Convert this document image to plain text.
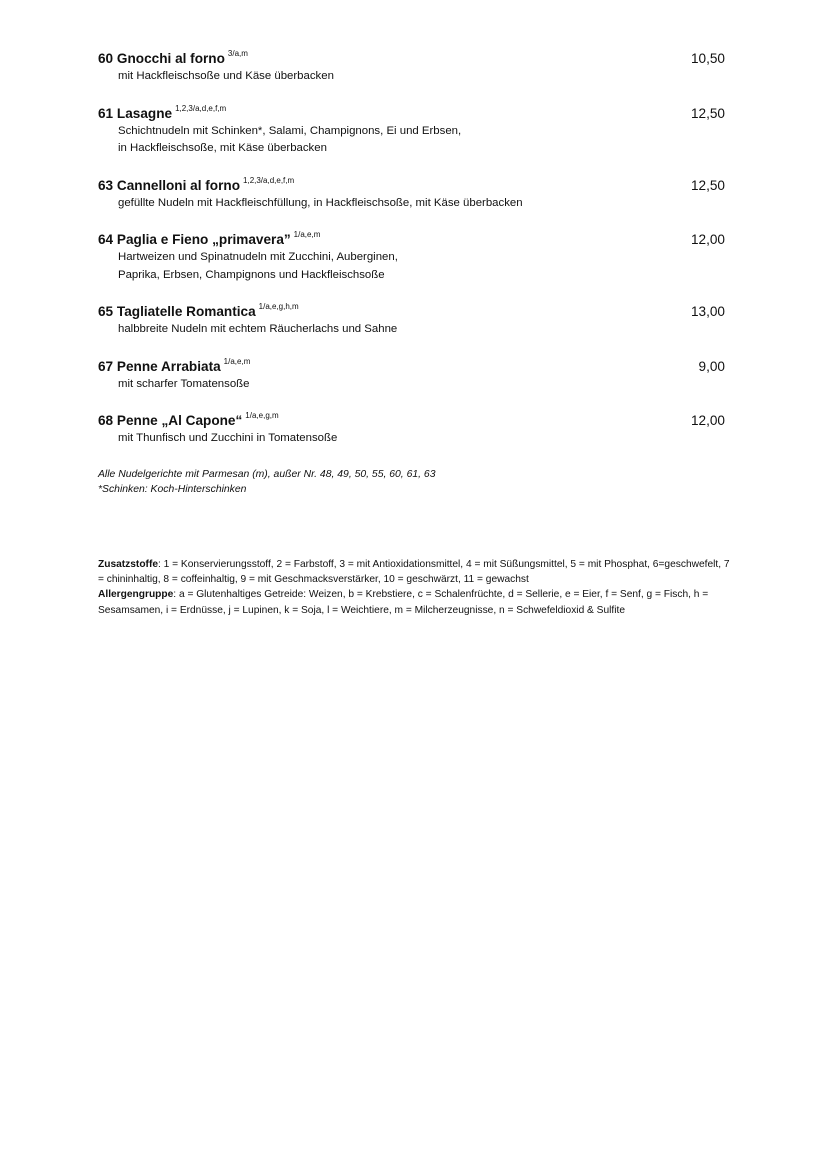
60 Gnocchi al forno $^{3/a,m}$	10,50
mit Hackfleischsoße und Käse überbacken
61 Lasagne $^{1,2,3/a,d,e,f,m}$	12,50
Schichtnudeln mit Schinken*, Salami, Champignons, Ei und Erbsen,
in Hackfleischsoße, mit Käse überbacken
63 Cannelloni al forno $^{1,2,3/a,d,e,f,m}$	12,50
gefüllte Nudeln mit Hackfleischfüllung, in Hackfleischsoße, mit Käse überbacken
64 Paglia e Fieno „primavera” $^{1/a,e,m}$	12,00
Hartweizen und Spinatnudeln mit Zucchini, Auberginen,
Paprika, Erbsen, Champignons und Hackfleischsoße
65 Tagliatelle Romantica $^{1/a,e,g,h,m}$	13,00
halbbreite Nudeln mit echtem Räucherlachs und Sahne
67 Penne Arrabiata $^{1/a,e,m}$	9,00
mit scharfer Tomatensoße
68 Penne „Al Capone“ $^{1/a,e,g,m}$	12,00
mit Thunfisch und Zucchini in Tomatensoße
Alle Nudelgerichte mit Parmesan (m), außer Nr. 48, 49, 50, 55, 60, 61, 63
*Schinken: Koch-Hinterschinken
Zusatzstoffe: 1 = Konservierungsstoff, 2 = Farbstoff, 3 = mit Antioxidationsmittel, 4 = mit Süßungsmittel, 5 = mit Phosphat, 6=geschwefelt, 7 = chininhaltig, 8 = coffeinhaltig, 9 = mit Geschmacksverstärker, 10 = geschwärzt, 11 = gewachst
Allergengruppe: a = Glutenhaltiges Getreide: Weizen, b = Krebstiere, c = Schalenfrüchte, d = Sellerie, e = Eier, f = Senf, g = Fisch, h = Sesamsamen, i = Erdnüsse, j = Lupinen, k = Soja, l = Weichtiere, m = Milcherzeugnisse, n = Schwefeldioxid & Sulfite
